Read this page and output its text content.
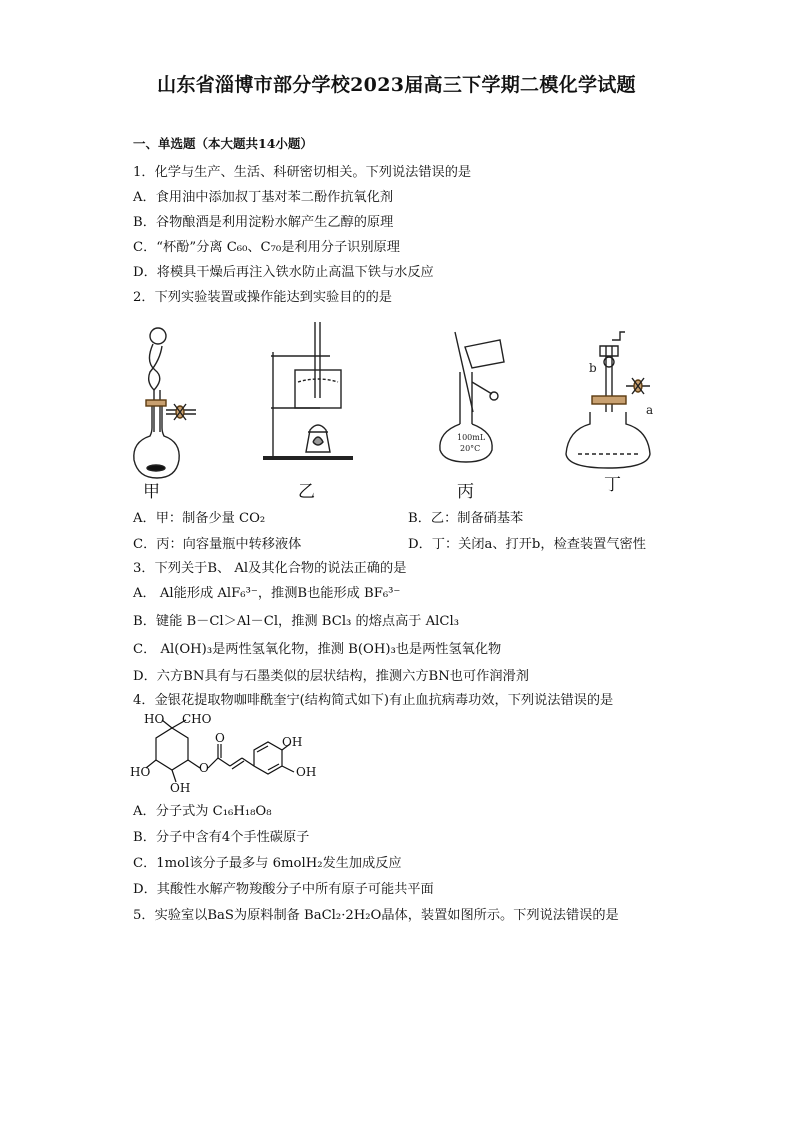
山东省淄博市部分学校2023届高三下学期二模化学试题
一、单选题（本大题共14小题）
1．化学与生产、生活、科研密切相关。下列说法错误的是
A．食用油中添加叔丁基对苯二酚作抗氧化剂
B．谷物酿酒是利用淀粉水解产生乙醇的原理
C．“杯酚”分离 C₆₀、C₇₀是利用分子识别原理
D．将模具干燥后再注入铁水防止高温下铁与水反应
2．下列实验装置或操作能达到实验目的的是
100mL
20°C
b
a
甲	乙	丙	丁
A．甲：制备少量 CO₂	B．乙：制备硝基苯
C．丙：向容量瓶中转移液体	D．丁：关闭a、打开b，检查装置气密性
3．下列关于B、 Al及其化合物的说法正确的是
A． Al能形成 AlF₆³⁻，推测B也能形成 BF₆³⁻
B．键能 B－Cl＞Al－Cl，推测 BCl₃ 的熔点高于 AlCl₃
C． Al(OH)₃是两性氢氧化物，推测 B(OH)₃也是两性氢氧化物
D．六方BN具有与石墨类似的层状结构，推测六方BN也可作润滑剂
4．金银花提取物咖啡酰奎宁(结构简式如下)有止血抗病毒功效，下列说法错误的是
HO CHO
HO
OH
O
O	OH
OH
A．分子式为 C₁₆H₁₈O₈
B．分子中含有4个手性碳原子
C．1mol该分子最多与 6molH₂发生加成反应
D．其酸性水解产物羧酸分子中所有原子可能共平面
5．实验室以BaS为原料制备 BaCl₂·2H₂O晶体，装置如图所示。下列说法错误的是
